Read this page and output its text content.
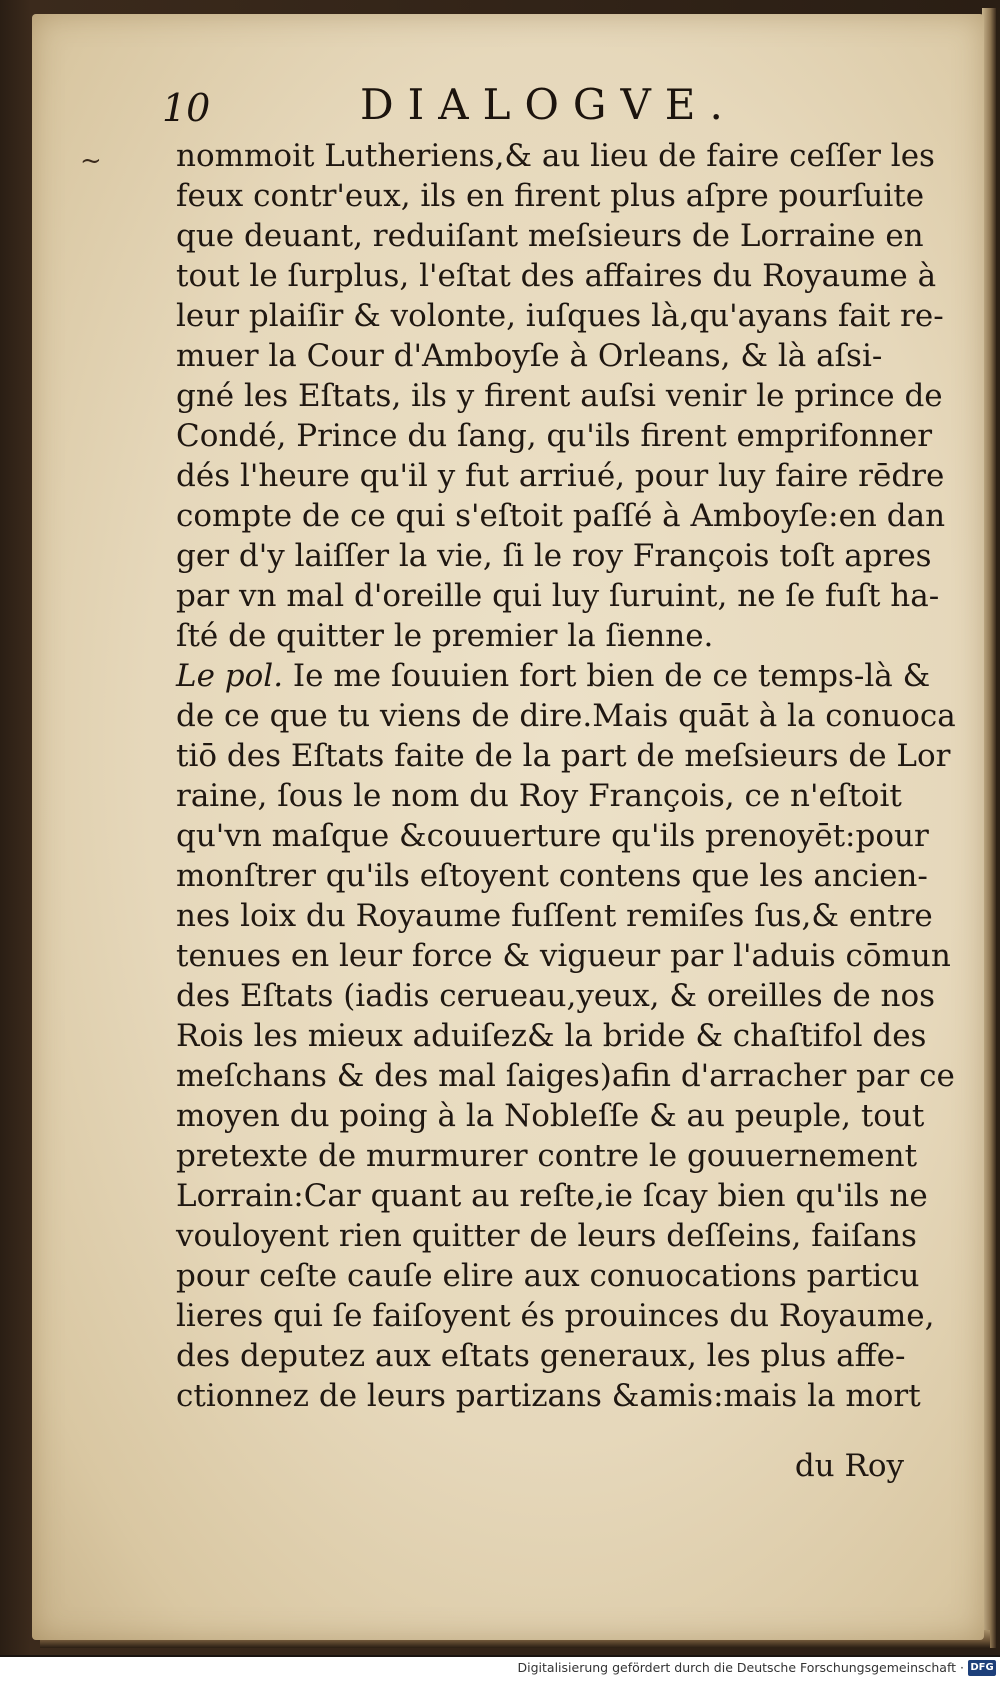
10	DIALOGVE.
~ nommoit Lutheriens,& au lieu de faire ceſſer les
feux contr'eux, ils en firent plus aſpre pourſuite
que deuant, reduiſant meſsieurs de Lorraine en
tout le ſurplus, l'eſtat des affaires du Royaume à
leur plaiſir & volonte, iuſques là,qu'ayans fait re-
muer la Cour d'Amboyſe à Orleans, & là aſsi-
gné les Eſtats, ils y firent auſsi venir le prince de
Condé, Prince du ſang, qu'ils firent emprifonner
dés l'heure qu'il y fut arriué, pour luy faire rēdre
compte de ce qui s'eſtoit paſſé à Amboyſe:en dan
ger d'y laiſſer la vie, ſi le roy François toſt apres
par vn mal d'oreille qui luy ſuruint, ne ſe fuſt ha-
ſté de quitter le premier la ſienne.
Le pol. Ie me ſouuien fort bien de ce temps-là &
de ce que tu viens de dire.Mais quāt à la conuoca
tiō des Eſtats faite de la part de meſsieurs de Lor
raine, ſous le nom du Roy François, ce n'eſtoit
qu'vn maſque &couuerture qu'ils prenoyēt:pour
monſtrer qu'ils eſtoyent contens que les ancien-
nes loix du Royaume fuſſent remiſes ſus,& entre
tenues en leur force & vigueur par l'aduis cōmun
des Eſtats (iadis cerueau,yeux, & oreilles de nos
Rois les mieux aduiſez& la bride & chaſtifol des
meſchans & des mal ſaiges)afin d'arracher par ce
moyen du poing à la Nobleſſe & au peuple, tout
pretexte de murmurer contre le gouuernement
Lorrain:Car quant au reſte,ie ſcay bien qu'ils ne
vouloyent rien quitter de leurs deſſeins, faiſans
pour ceſte cauſe elire aux conuocations particu
lieres qui ſe faiſoyent és prouinces du Royaume,
des deputez aux eſtats generaux, les plus affe-
ctionnez de leurs partizans &amis:mais la mort
du Roy
Digitalisierung gefördert durch die Deutsche Forschungsgemeinschaft · DFG
